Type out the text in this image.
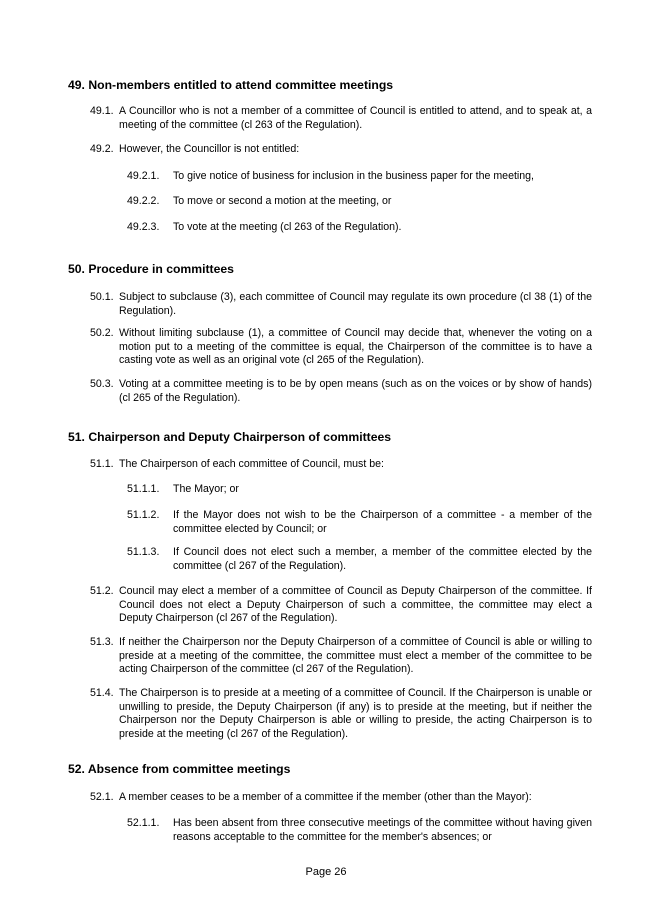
49. Non-members entitled to attend committee meetings
49.1. A Councillor who is not a member of a committee of Council is entitled to attend, and to speak at, a meeting of the committee (cl 263 of the Regulation).
49.2. However, the Councillor is not entitled:
49.2.1.	To give notice of business for inclusion in the business paper for the meeting,
49.2.2.	To move or second a motion at the meeting, or
49.2.3.	To vote at the meeting (cl 263 of the Regulation).
50. Procedure in committees
50.1. Subject to subclause (3), each committee of Council may regulate its own procedure (cl 38 (1) of the Regulation).
50.2. Without limiting subclause (1), a committee of Council may decide that, whenever the voting on a motion put to a meeting of the committee is equal, the Chairperson of the committee is to have a casting vote as well as an original vote (cl 265 of the Regulation).
50.3. Voting at a committee meeting is to be by open means (such as on the voices or by show of hands) (cl 265 of the Regulation).
51. Chairperson and Deputy Chairperson of committees
51.1. The Chairperson of each committee of Council, must be:
51.1.1.	The Mayor; or
51.1.2.	If the Mayor does not wish to be the Chairperson of a committee - a member of the committee elected by Council; or
51.1.3.	If Council does not elect such a member, a member of the committee elected by the committee (cl 267 of the Regulation).
51.2. Council may elect a member of a committee of Council as Deputy Chairperson of the committee. If Council does not elect a Deputy Chairperson of such a committee, the committee may elect a Deputy Chairperson (cl 267 of the Regulation).
51.3. If neither the Chairperson nor the Deputy Chairperson of a committee of Council is able or willing to preside at a meeting of the committee, the committee must elect a member of the committee to be acting Chairperson of the committee (cl 267 of the Regulation).
51.4. The Chairperson is to preside at a meeting of a committee of Council. If the Chairperson is unable or unwilling to preside, the Deputy Chairperson (if any) is to preside at the meeting, but if neither the Chairperson nor the Deputy Chairperson is able or willing to preside, the acting Chairperson is to preside at the meeting (cl 267 of the Regulation).
52. Absence from committee meetings
52.1. A member ceases to be a member of a committee if the member (other than the Mayor):
52.1.1.	Has been absent from three consecutive meetings of the committee without having given reasons acceptable to the committee for the member's absences; or
Page 26
